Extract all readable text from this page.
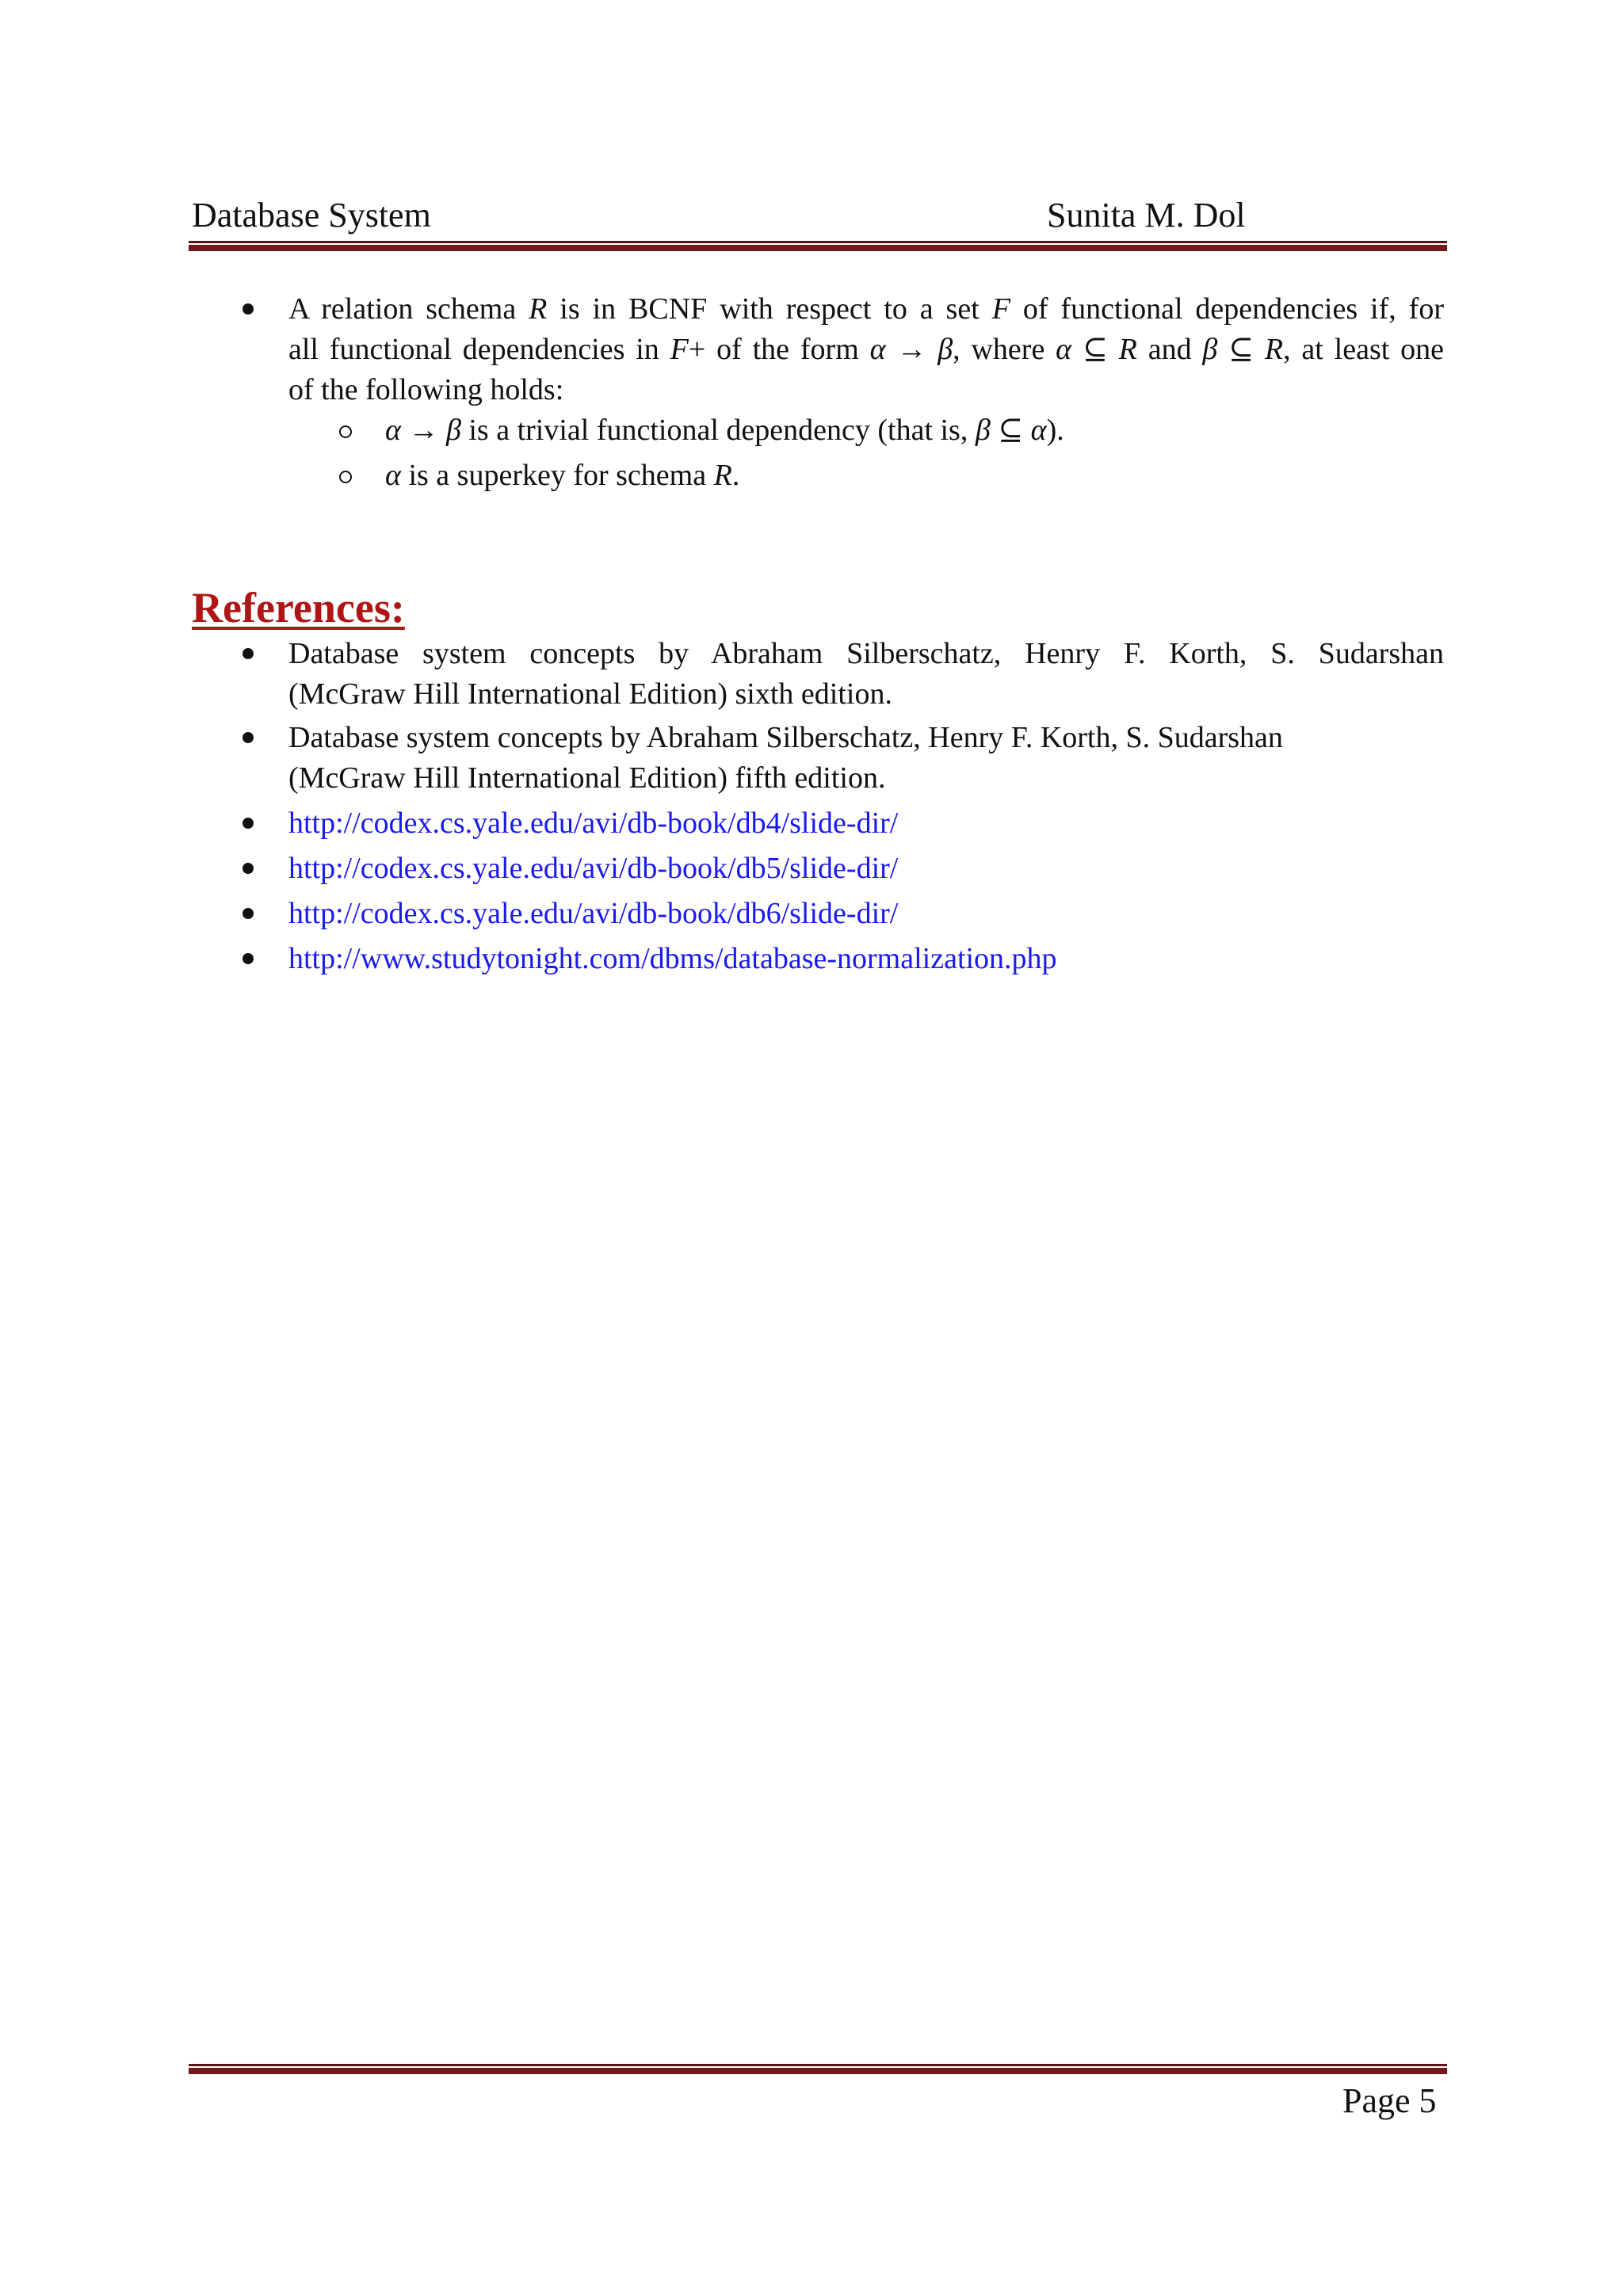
Database System	Sunita M. Dol
A relation schema R is in BCNF with respect to a set F of functional dependencies if, for
all functional dependencies in F+ of the form α → β, where α ⊆ R and β ⊆ R, at least one
of the following holds:
α → β is a trivial functional dependency (that is, β ⊆ α).
α is a superkey for schema R.
References:
Database system concepts by Abraham Silberschatz, Henry F. Korth, S. Sudarshan
(McGraw Hill International Edition) sixth edition.
Database system concepts by Abraham Silberschatz, Henry F. Korth, S. Sudarshan
(McGraw Hill International Edition) fifth edition.
http://codex.cs.yale.edu/avi/db-book/db4/slide-dir/
http://codex.cs.yale.edu/avi/db-book/db5/slide-dir/
http://codex.cs.yale.edu/avi/db-book/db6/slide-dir/
http://www.studytonight.com/dbms/database-normalization.php
Page 5
